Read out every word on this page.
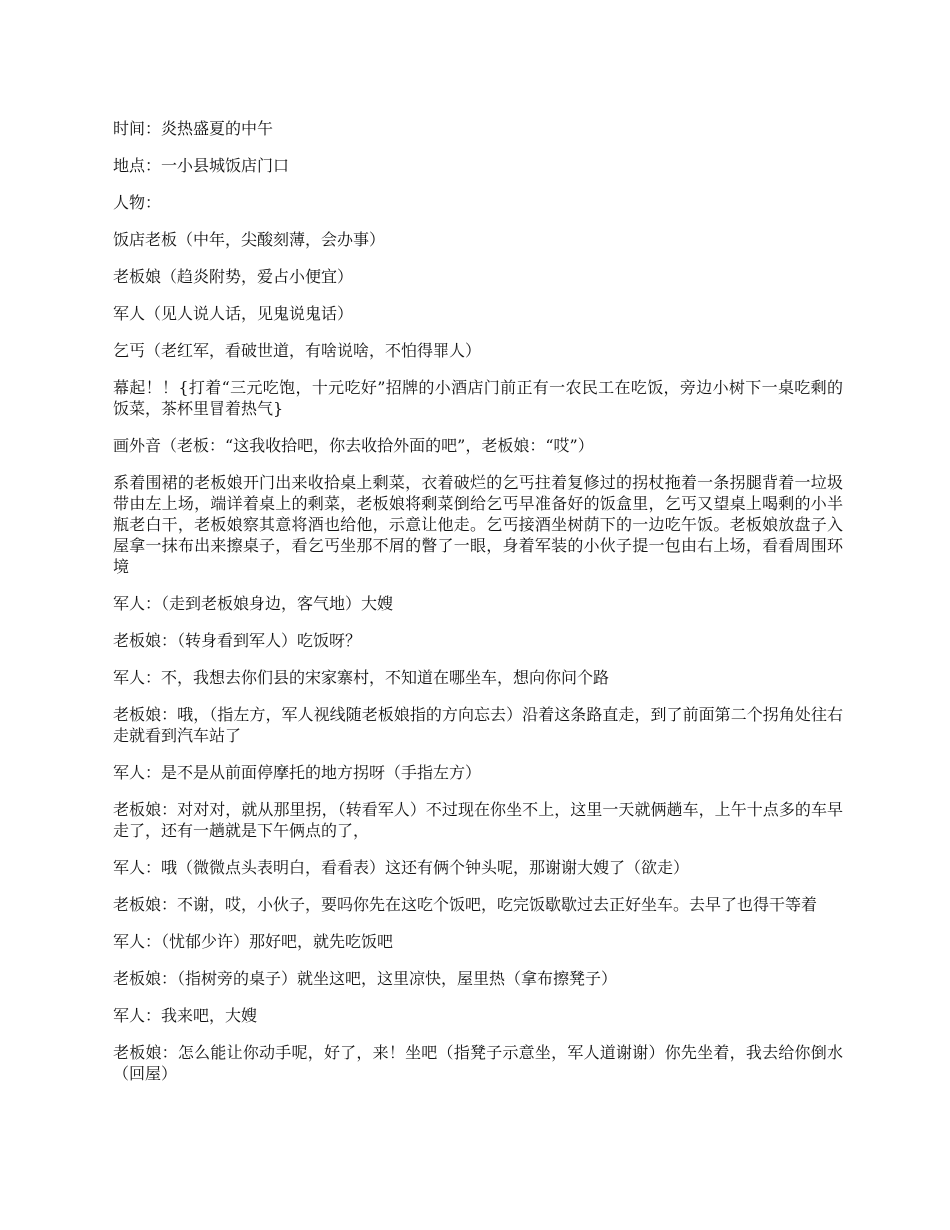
时间：炎热盛夏的中午

地点：一小县城饭店门口

人物：

饭店老板（中年，尖酸刻薄，会办事）

老板娘（趋炎附势，爱占小便宜）

军人（见人说人话，见鬼说鬼话）

乞丐（老红军，看破世道，有啥说啥，不怕得罪人）

幕起！！{打着“三元吃饱，十元吃好”招牌的小酒店门前正有一农民工在吃饭，旁边小树下一桌吃剩的饭菜，茶杯里冒着热气}

画外音（老板：“这我收拾吧，你去收拾外面的吧”，老板娘：“哎”）

系着围裙的老板娘开门出来收拾桌上剩菜，衣着破烂的乞丐拄着复修过的拐杖拖着一条拐腿背着一垃圾带由左上场，端详着桌上的剩菜，老板娘将剩菜倒给乞丐早准备好的饭盒里，乞丐又望桌上喝剩的小半瓶老白干，老板娘察其意将酒也给他，示意让他走。乞丐接酒坐树荫下的一边吃午饭。老板娘放盘子入屋拿一抹布出来擦桌子，看乞丐坐那不屑的瞥了一眼，身着军装的小伙子提一包由右上场，看看周围环境

军人：（走到老板娘身边，客气地）大嫂

老板娘：（转身看到军人）吃饭呀？

军人：不，我想去你们县的宋家寨村，不知道在哪坐车，想向你问个路

老板娘：哦，（指左方，军人视线随老板娘指的方向忘去）沿着这条路直走，到了前面第二个拐角处往右走就看到汽车站了

军人：是不是从前面停摩托的地方拐呀（手指左方）

老板娘：对对对，就从那里拐，（转看军人）不过现在你坐不上，这里一天就俩趟车，上午十点多的车早走了，还有一趟就是下午俩点的了，

军人：哦（微微点头表明白，看看表）这还有俩个钟头呢，那谢谢大嫂了（欲走）

老板娘：不谢，哎，小伙子，要吗你先在这吃个饭吧，吃完饭歇歇过去正好坐车。去早了也得干等着

军人：（忧郁少许）那好吧，就先吃饭吧

老板娘：（指树旁的桌子）就坐这吧，这里凉快，屋里热（拿布擦凳子）

军人：我来吧，大嫂

老板娘：怎么能让你动手呢，好了，来！坐吧（指凳子示意坐，军人道谢谢）你先坐着，我去给你倒水（回屋）
